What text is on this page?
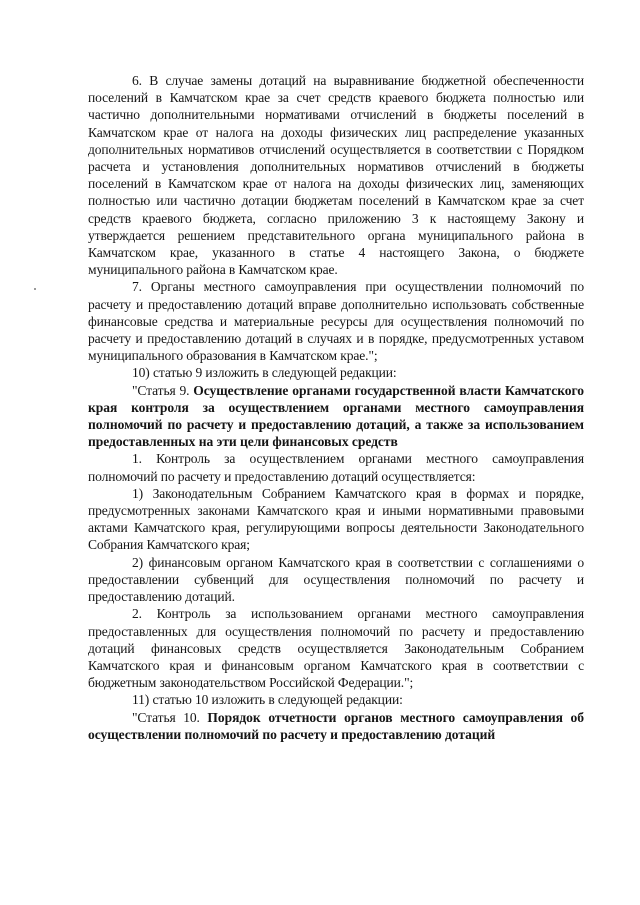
6. В случае замены дотаций на выравнивание бюджетной обеспеченности поселений в Камчатском крае за счет средств краевого бюджета полностью или частично дополнительными нормативами отчислений в бюджеты поселений в Камчатском крае от налога на доходы физических лиц распределение указанных дополнительных нормативов отчислений осуществляется в соответствии с Порядком расчета и установления дополнительных нормативов отчислений в бюджеты поселений в Камчатском крае от налога на доходы физических лиц, заменяющих полностью или частично дотации бюджетам поселений в Камчатском крае за счет средств краевого бюджета, согласно приложению 3 к настоящему Закону и утверждается решением представительного органа муниципального района в Камчатском крае, указанного в статье 4 настоящего Закона, о бюджете муниципального района в Камчатском крае.

7. Органы местного самоуправления при осуществлении полномочий по расчету и предоставлению дотаций вправе дополнительно использовать собственные финансовые средства и материальные ресурсы для осуществления полномочий по расчету и предоставлению дотаций в случаях и в порядке, предусмотренных уставом муниципального образования в Камчатском крае.";

10) статью 9 изложить в следующей редакции:

"Статья 9. Осуществление органами государственной власти Камчатского края контроля за осуществлением органами местного самоуправления полномочий по расчету и предоставлению дотаций, а также за использованием предоставленных на эти цели финансовых средств

1. Контроль за осуществлением органами местного самоуправления полномочий по расчету и предоставлению дотаций осуществляется:

1) Законодательным Собранием Камчатского края в формах и порядке, предусмотренных законами Камчатского края и иными нормативными правовыми актами Камчатского края, регулирующими вопросы деятельности Законодательного Собрания Камчатского края;

2) финансовым органом Камчатского края в соответствии с соглашениями о предоставлении субвенций для осуществления полномочий по расчету и предоставлению дотаций.

2. Контроль за использованием органами местного самоуправления предоставленных для осуществления полномочий по расчету и предоставлению дотаций финансовых средств осуществляется Законодательным Собранием Камчатского края и финансовым органом Камчатского края в соответствии с бюджетным законодательством Российской Федерации.";

11) статью 10 изложить в следующей редакции:

"Статья 10. Порядок отчетности органов местного самоуправления об осуществлении полномочий по расчету и предоставлению дотаций
